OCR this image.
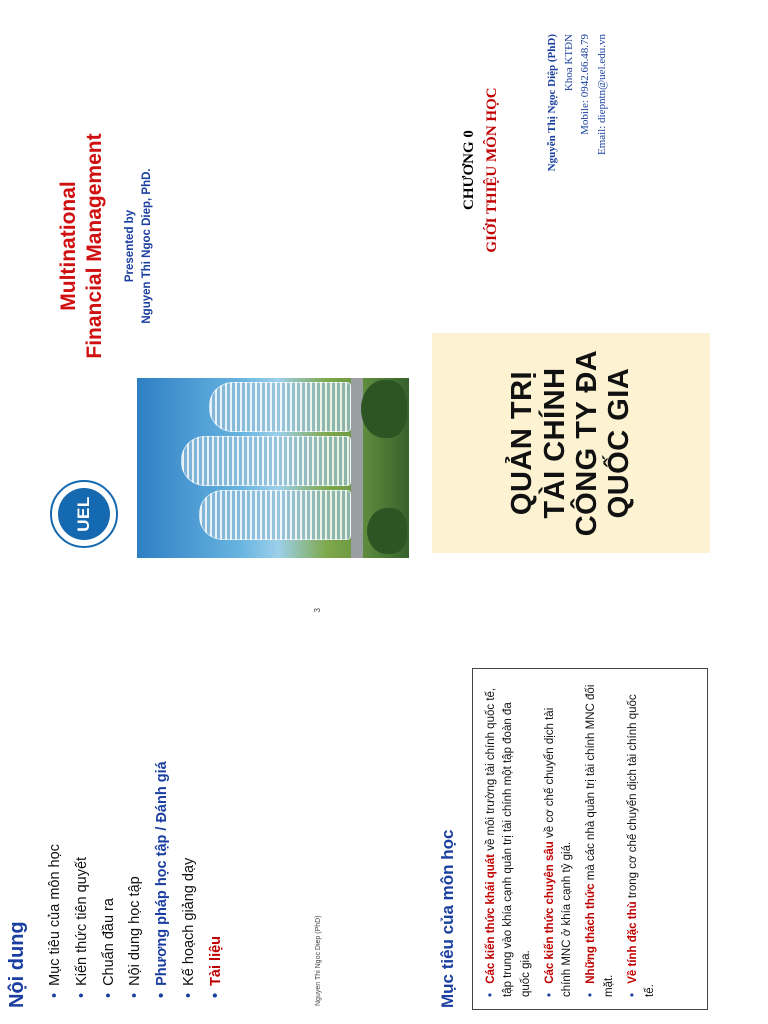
UEL
Multinational Financial Management Presented by Nguyen Thi Ngoc Diep, PhD.	CHƯƠNG 0 GIỚI THIỆU MÔN HỌC	Nguyễn Thị Ngọc Diệp (PhD) Khoa KTĐN Mobile: 0942.66.48.79 Email: diepntn@uel.edu.vn
QUẢN TRỊ TÀI CHÍNH CÔNG TY ĐA QUỐC GIA
Nội dung	• Mục tiêu của môn học • Kiến thức tiên quyết • Chuẩn đầu ra • Nội dung học tập • Phương pháp học tập / Đánh giá • Kế hoạch giảng dạy • Tài liệu	Nguyen Thi Ngoc Diep (PhD)
3
Mục tiêu của môn học • Các kiến thức khái quát về môi trường tài chính quốc tế, tập trung vào khía cạnh quản trị tài chính một tập đoàn đa quốc gia. • Các kiến thức chuyên sâu về cơ chế chuyển dịch tài chính MNC ở khía cạnh tỷ giá. • Những thách thức mà các nhà quản trị tài chính MNC đối mặt.
• Về tính đặc thù trong cơ chế chuyển dịch tài chính quốc tế.
